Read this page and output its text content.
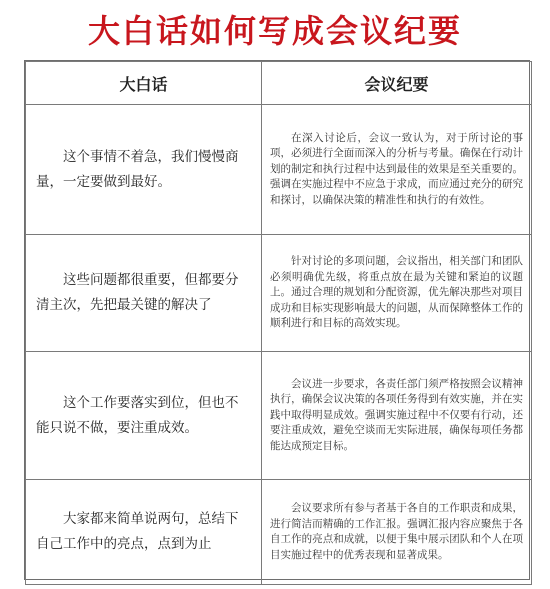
大白话如何写成会议纪要
大白话	会议纪要
这个事情不着急，我们慢慢商量，一定要做到最好。	在深入讨论后，会议一致认为，对于所讨论的事项，必须进行全面而深入的分析与考量。确保在行动计划的制定和执行过程中达到最佳的效果是至关重要的。强调在实施过程中不应急于求成，而应通过充分的研究和探讨，以确保决策的精准性和执行的有效性。
这些问题都很重要，但都要分清主次，先把最关键的解决了	针对讨论的多项问题，会议指出，相关部门和团队必须明确优先级，将重点放在最为关键和紧迫的议题上。通过合理的规划和分配资源，优先解决那些对项目成功和目标实现影响最大的问题，从而保障整体工作的顺利进行和目标的高效实现。
这个工作要落实到位，但也不能只说不做，要注重成效。	会议进一步要求，各责任部门须严格按照会议精神执行，确保会议决策的各项任务得到有效实施，并在实践中取得明显成效。强调实施过程中不仅要有行动，还要注重成效，避免空谈而无实际进展，确保每项任务都能达成预定目标。
大家都来简单说两句，总结下自己工作中的亮点，点到为止	会议要求所有参与者基于各自的工作职责和成果，进行简洁而精确的工作汇报。强调汇报内容应聚焦于各自工作的亮点和成就，以便于集中展示团队和个人在项目实施过程中的优秀表现和显著成果。
